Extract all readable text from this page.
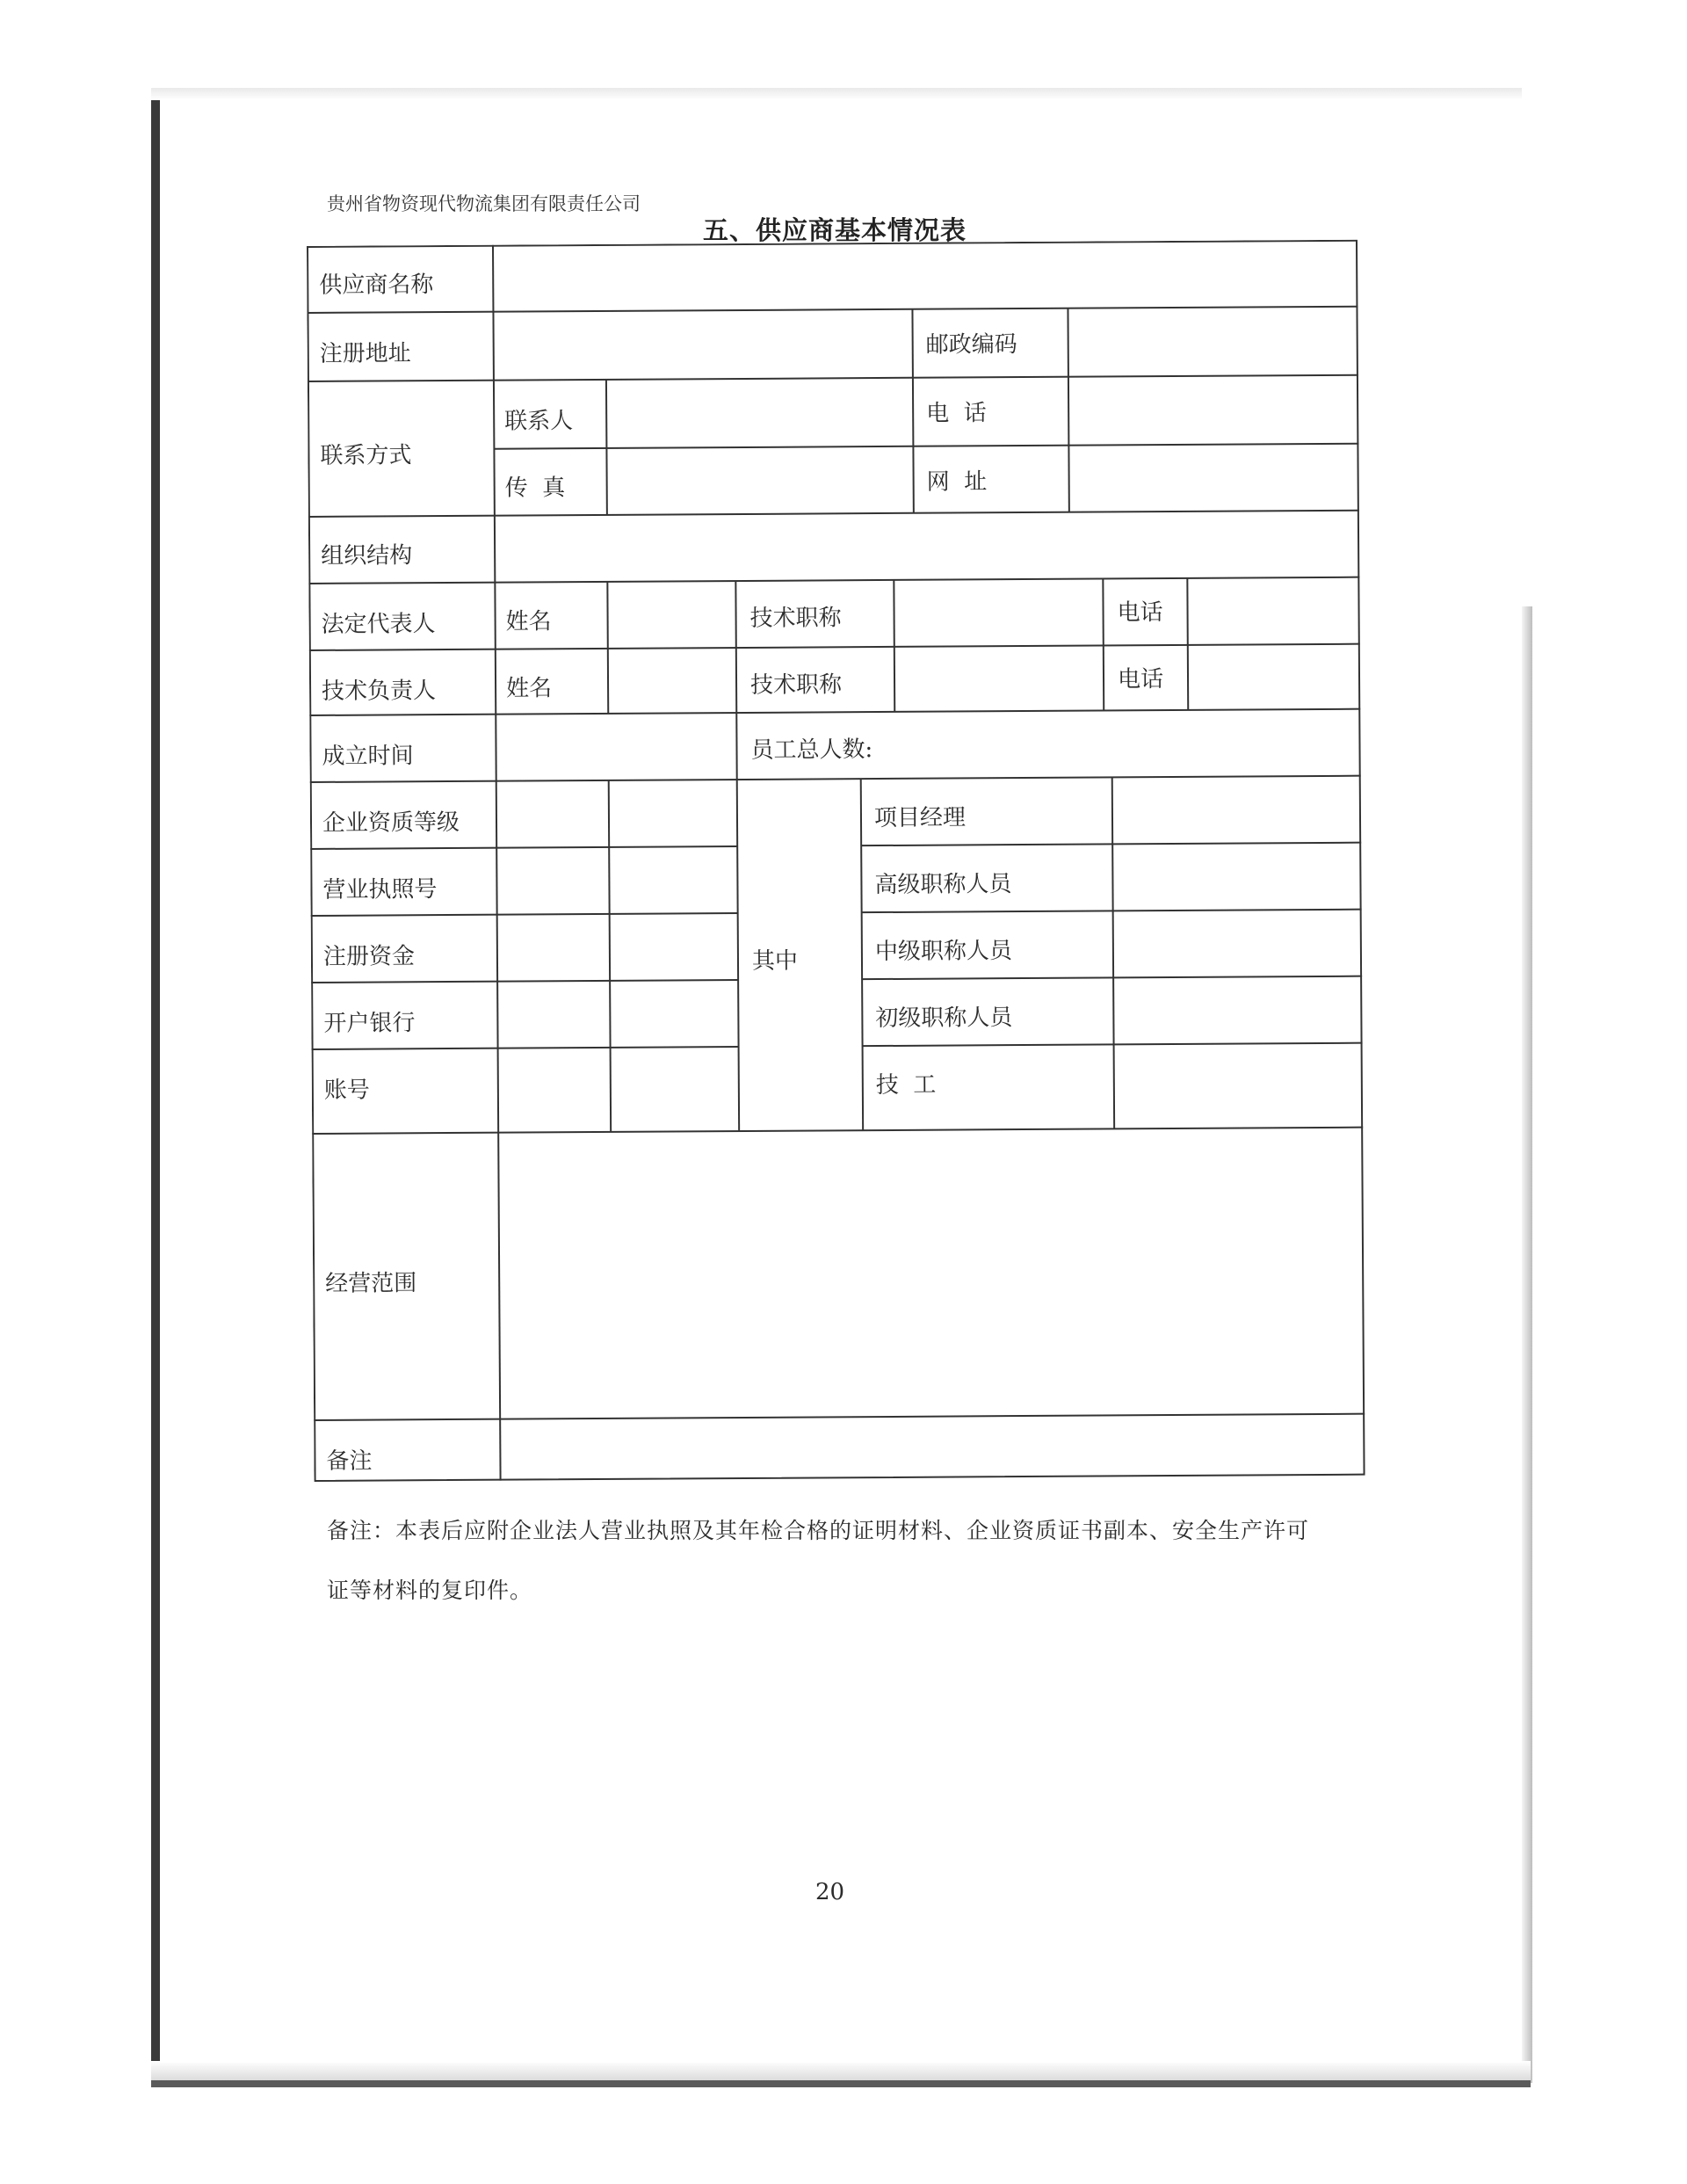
贵州省物资现代物流集团有限责任公司
五、供应商基本情况表
供应商名称
注册地址	邮政编码
联系方式
联系人	电  话
传  真	网  址
组织结构
法定代表人	姓名	技术职称	电话
技术负责人	姓名	技术职称	电话
成立时间	员工总人数:
企业资质等级
营业执照号
注册资金
开户银行
账号
其中
项目经理
高级职称人员
中级职称人员
初级职称人员
技  工
经营范围
备注
备注：本表后应附企业法人营业执照及其年检合格的证明材料、企业资质证书副本、安全生产许可
证等材料的复印件。
20
